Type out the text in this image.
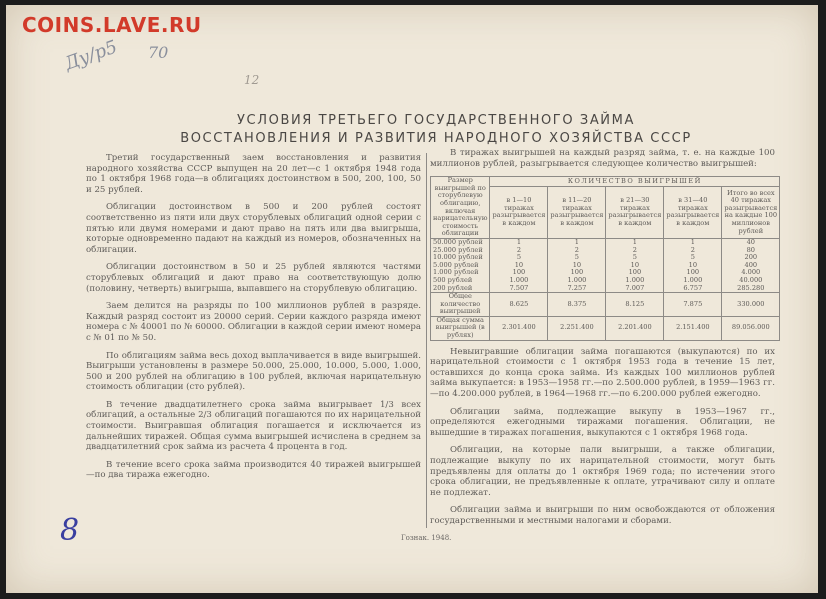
COINS.LAVE.RU
Ду/р5 70
12
УСЛОВИЯ ТРЕТЬЕГО ГОСУДАРСТВЕННОГО ЗАЙМА
ВОССТАНОВЛЕНИЯ И РАЗВИТИЯ НАРОДНОГО ХОЗЯЙСТВА СССР

Третий государственный заем восстановления и развития народного хозяйства СССР выпущен на 20 лет—с 1 октября 1948 года по 1 октября 1968 года—в облигациях достоинством в 500, 200, 100, 50 и 25 рублей.

Облигации достоинством в 500 и 200 рублей состоят соответственно из пяти или двух сторублевых облигаций одной серии с пятью или двумя номерами и дают право на пять или два выигрыша, которые одновременно падают на каждый из номеров, обозначенных на облигации.

Облигации достоинством в 50 и 25 рублей являются частями сторублевых облигаций и дают право на соответствующую долю (половину, четверть) выигрыша, выпавшего на сторублевую облигацию.

Заем делится на разряды по 100 миллионов рублей в разряде. Каждый разряд состоит из 20000 серий. Серии каждого разряда имеют номера с № 40001 по № 60000. Облигации в каждой серии имеют номера с № 01 по № 50.

По облигациям займа весь доход выплачивается в виде выигрышей. Выигрыши установлены в размере 50.000, 25.000, 10.000, 5.000, 1.000, 500 и 200 рублей на облигацию в 100 рублей, включая нарицательную стоимость облигации (сто рублей).

В течение двадцатилетнего срока займа выигрывает 1/3 всех облигаций, а остальные 2/3 облигаций погашаются по их нарицательной стоимости. Выигравшая облигация погашается и исключается из дальнейших тиражей. Общая сумма выигрышей исчислена в среднем за двадцатилетний срок займа из расчета 4 процента в год.

В течение всего срока займа производится 40 тиражей выигрышей—по два тиража ежегодно.

В тиражах выигрышей на каждый разряд займа, т. е. на каждые 100 миллионов рублей, разыгрывается следующее количество выигрышей:

Размер выигрышей по сторублевую облигацию, включая нарицательную стоимость облигации	КОЛИЧЕСТВО ВЫИГРЫШЕЙ				
	в 1—10 тиражах разыгрывается в каждом	в 11—20 тиражах разыгрывается в каждом	в 21—30 тиражах разыгрывается в каждом	в 31—40 тиражах разыгрывается в каждом	Итого во всех 40 тиражах разыгрывается на каждые 100 миллионов рублей
50.000 рублей	1	1	1	1	40
25.000 рублей	2	2	2	2	80
10.000 рублей	5	5	5	5	200
5.000 рублей	10	10	10	10	400
1.000 рублей	100	100	100	100	4.000
500 рублей	1.000	1.000	1.000	1.000	40.000
200 рублей	7.507	7.257	7.007	6.757	285.280
Общее количество выигрышей	8.625	8.375	8.125	7.875	330.000
Общая сумма выигрышей (в рублях)	2.301.400	2.251.400	2.201.400	2.151.400	89.056.000

Невыигравшие облигации займа погашаются (выкупаются) по их нарицательной стоимости с 1 октября 1953 года в течение 15 лет, оставшихся до конца срока займа. Из каждых 100 миллионов рублей займа выкупается: в 1953—1958 гг.—по 2.500.000 рублей, в 1959—1963 гг.—по 4.200.000 рублей, в 1964—1968 гг.—по 6.200.000 рублей ежегодно.

Облигации займа, подлежащие выкупу в 1953—1967 гг., определяются ежегодными тиражами погашения. Облигации, не вышедшие в тиражах погашения, выкупаются с 1 октября 1968 года.

Облигации, на которые пали выигрыши, а также облигации, подлежащие выкупу по их нарицательной стоимости, могут быть предъявлены для оплаты до 1 октября 1969 года; по истечении этого срока облигации, не предъявленные к оплате, утрачивают силу и оплате не подлежат.

Облигации займа и выигрыши по ним освобождаются от обложения государственными и местными налогами и сборами.

Гознак. 1948.
8
